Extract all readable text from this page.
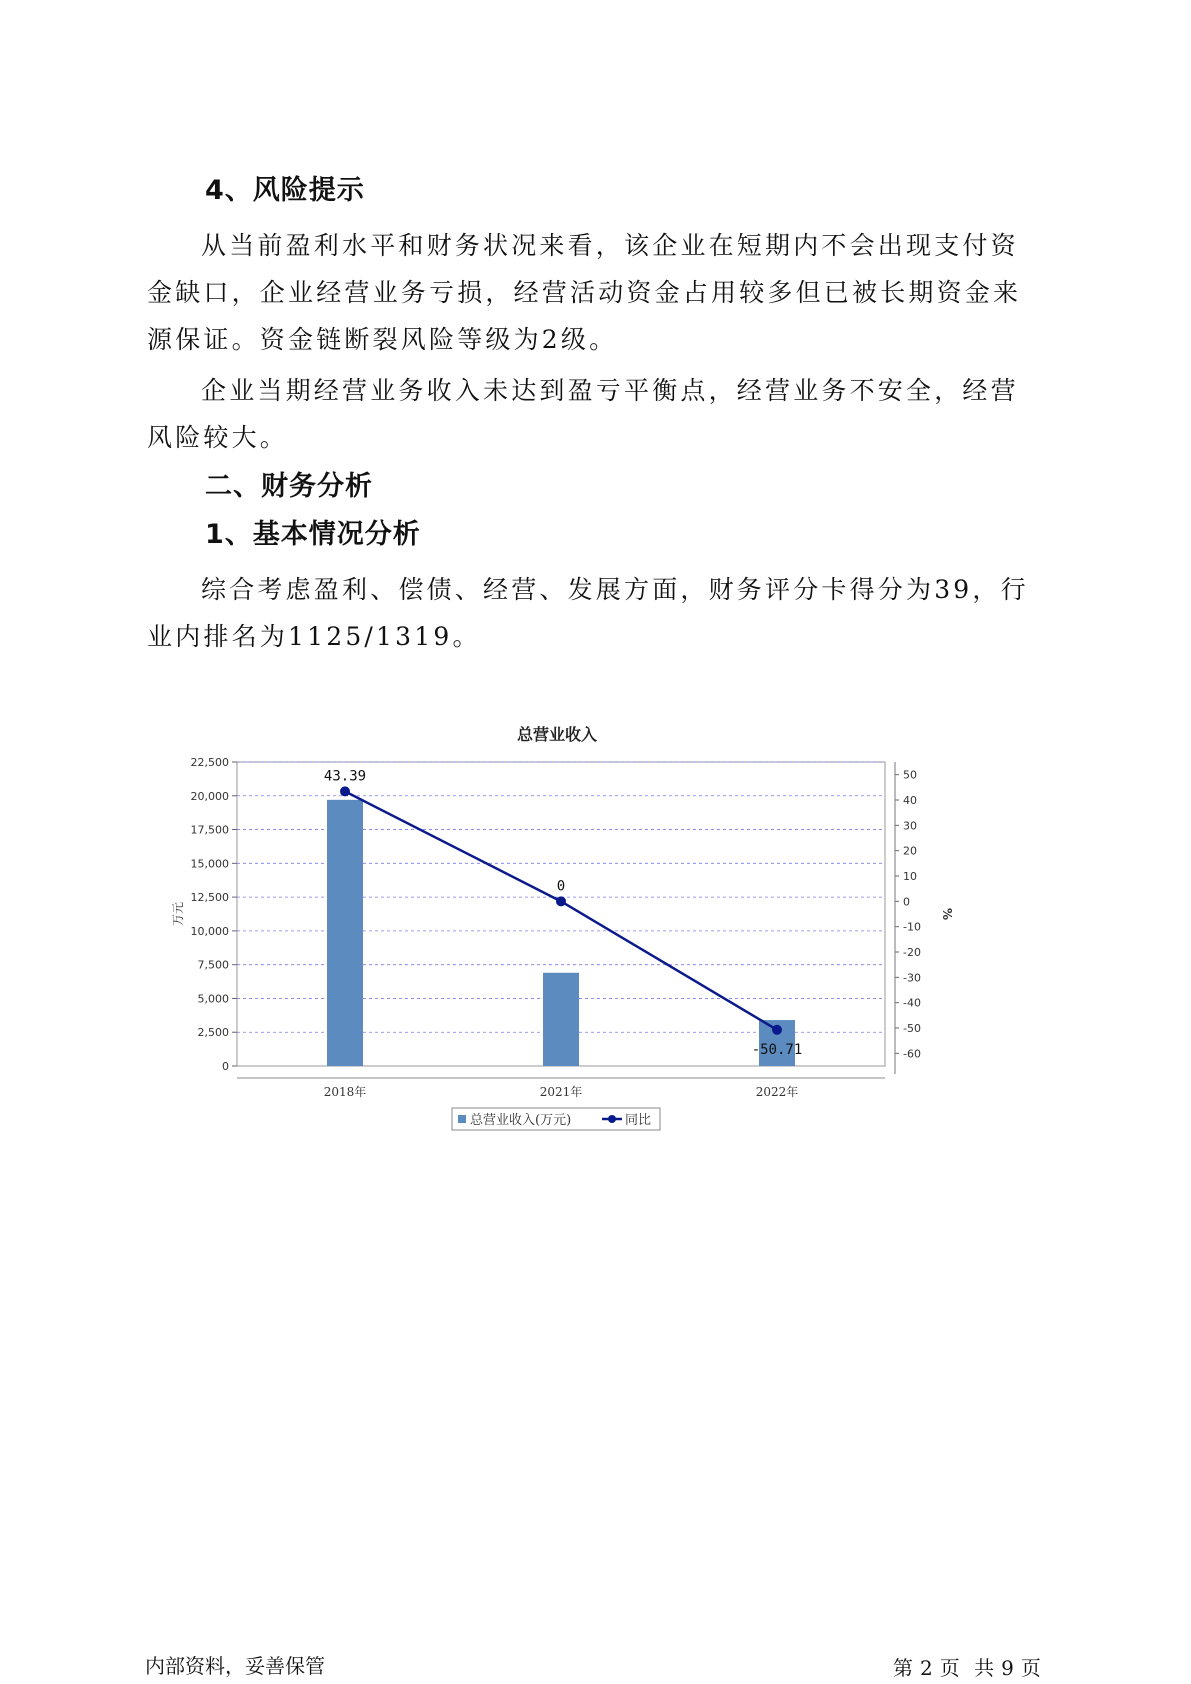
4、风险提示

从当前盈利水平和财务状况来看，该企业在短期内不会出现支付资金缺口，企业经营业务亏损，经营活动资金占用较多但已被长期资金来源保证。资金链断裂风险等级为2级。

企业当期经营业务收入未达到盈亏平衡点，经营业务不安全，经营风险较大。

二、财务分析
1、基本情况分析

综合考虑盈利、偿债、经营、发展方面，财务评分卡得分为39，行业内排名为1125/1319。

总营业收入
0
2,500
5,000
7,500
10,000
12,500
15,000
17,500
20,000
22,500
50
40
30
20
10
0
-10
-20
-30
-40
-50
-60
万元	%
2018年	2021年	2022年
43.39
0
-50.71
总营业收入(万元)	同比
内部资料，妥善保管	第 2 页 共 9 页
